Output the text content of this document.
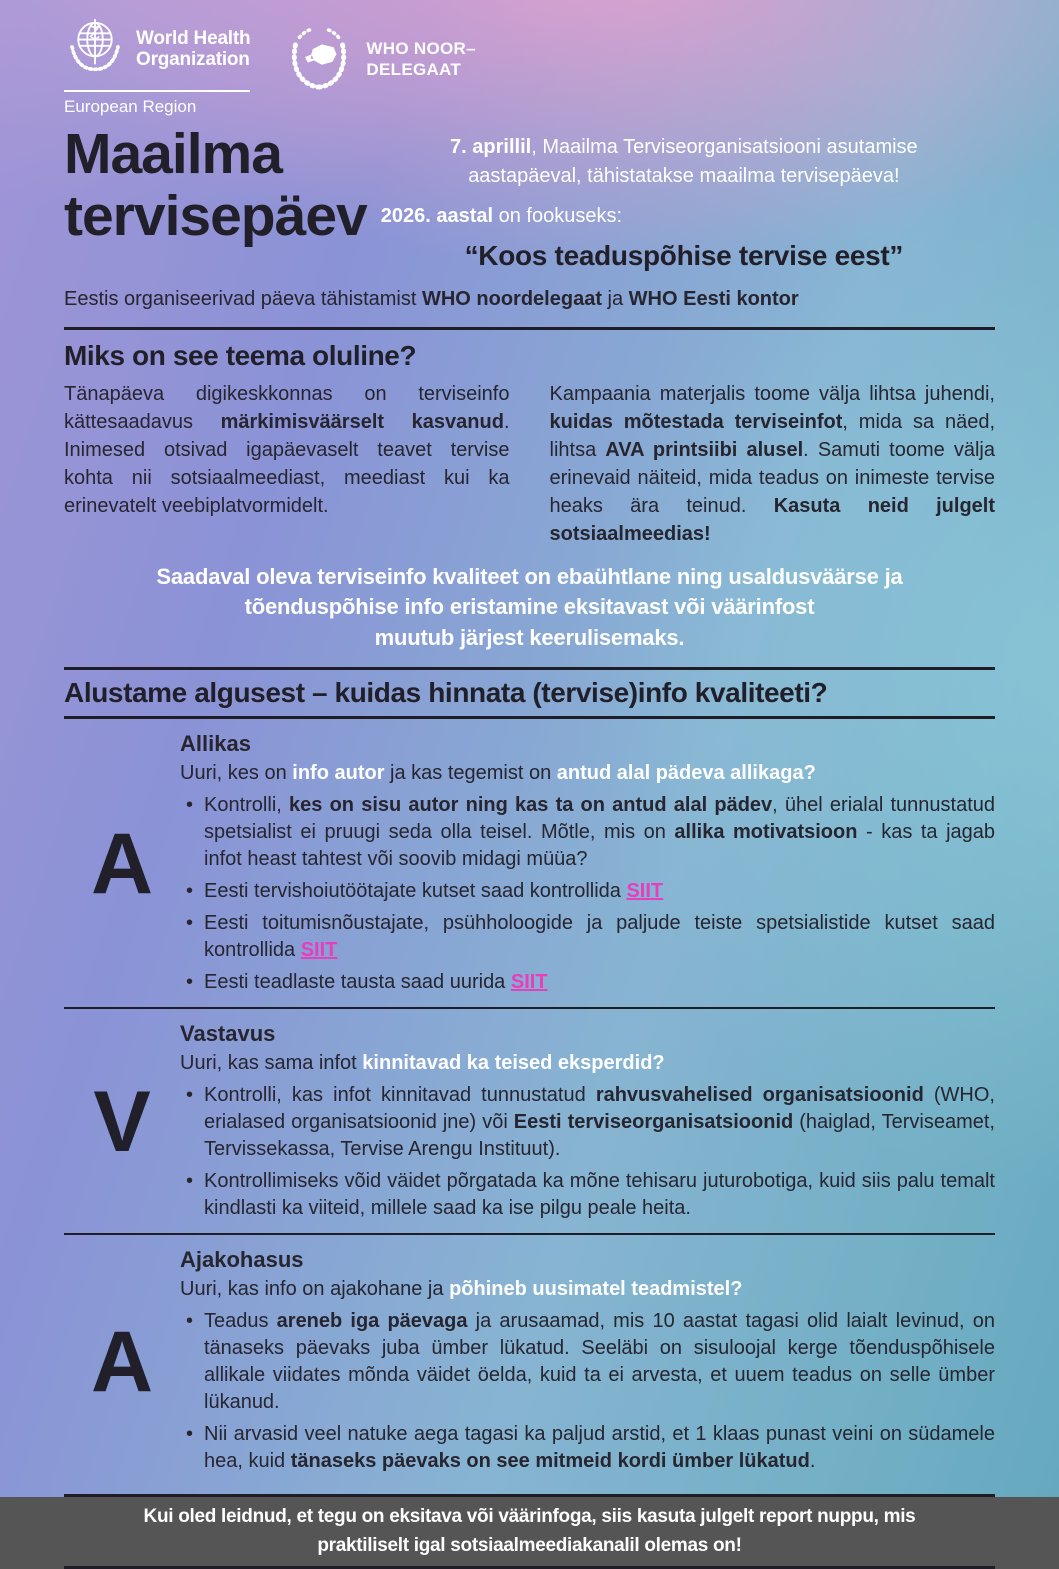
World Health
Organization
European Region
WHO NOOR–
DELEGAAT
Maailma
tervisepäev

7. aprillil, Maailma Terviseorganisatsiooni asutamise
aastapäeval, tähistatakse maailma tervisepäeva!

2026. aastal on fookuseks:

“Koos teaduspõhise tervise eest”

Eestis organiseerivad päeva tähistamist WHO noordelegaat ja WHO Eesti kontor

Miks on see teema oluline?

Tänapäeva digikeskkonnas on terviseinfo kättesaadavus märkimisväärselt kasvanud. Inimesed otsivad igapäevaselt teavet tervise kohta nii sotsiaalmeediast, meediast kui ka erinevatelt veebiplatvormidelt.

Kampaania materjalis toome välja lihtsa juhendi, kuidas mõtestada terviseinfot, mida sa näed, lihtsa AVA printsiibi alusel. Samuti toome välja erinevaid näiteid, mida teadus on inimeste tervise heaks ära teinud. Kasuta neid julgelt sotsiaalmeedias!

Saadaval oleva terviseinfo kvaliteet on ebaühtlane ning usaldusväärse ja
tõenduspõhise info eristamine eksitavast või väärinfost
muutub järjest keerulisemaks.
Alustame algusest – kuidas hinnata (tervise)info kvaliteeti?
A
Allikas

Uuri, kes on info autor ja kas tegemist on antud alal pädeva allikaga?

• Kontrolli, kes on sisu autor ning kas ta on antud alal pädev, ühel erialal tunnustatud spetsialist ei pruugi seda olla teisel. Mõtle, mis on allika motivatsioon - kas ta jagab infot heast tahtest või soovib midagi müüa?
• Eesti tervishoiutöötajate kutset saad kontrollida SIIT
• Eesti toitumisnõustajate, psühholoogide ja paljude teiste spetsialistide kutset saad kontrollida SIIT
• Eesti teadlaste tausta saad uurida SIIT
V
Vastavus

Uuri, kas sama infot kinnitavad ka teised eksperdid?

• Kontrolli, kas infot kinnitavad tunnustatud rahvusvahelised organisatsioonid (WHO, erialased organisatsioonid jne) või Eesti terviseorganisatsioonid (haiglad, Terviseamet, Tervissekassa, Tervise Arengu Instituut).
• Kontrollimiseks võid väidet põrgatada ka mõne tehisaru juturobotiga, kuid siis palu temalt kindlasti ka viiteid, millele saad ka ise pilgu peale heita.
A
Ajakohasus

Uuri, kas info on ajakohane ja põhineb uusimatel teadmistel?

• Teadus areneb iga päevaga ja arusaamad, mis 10 aastat tagasi olid laialt levinud, on tänaseks päevaks juba ümber lükatud. Seeläbi on sisuloojal kerge tõenduspõhisele allikale viidates mõnda väidet öelda, kuid ta ei arvesta, et uuem teadus on selle ümber lükanud.
• Nii arvasid veel natuke aega tagasi ka paljud arstid, et 1 klaas punast veini on südamele hea, kuid tänaseks päevaks on see mitmeid kordi ümber lükatud.
Kui oled leidnud, et tegu on eksitava või väärinfoga, siis kasuta julgelt report nuppu, mis
praktiliselt igal sotsiaalmeediakanalil olemas on!
